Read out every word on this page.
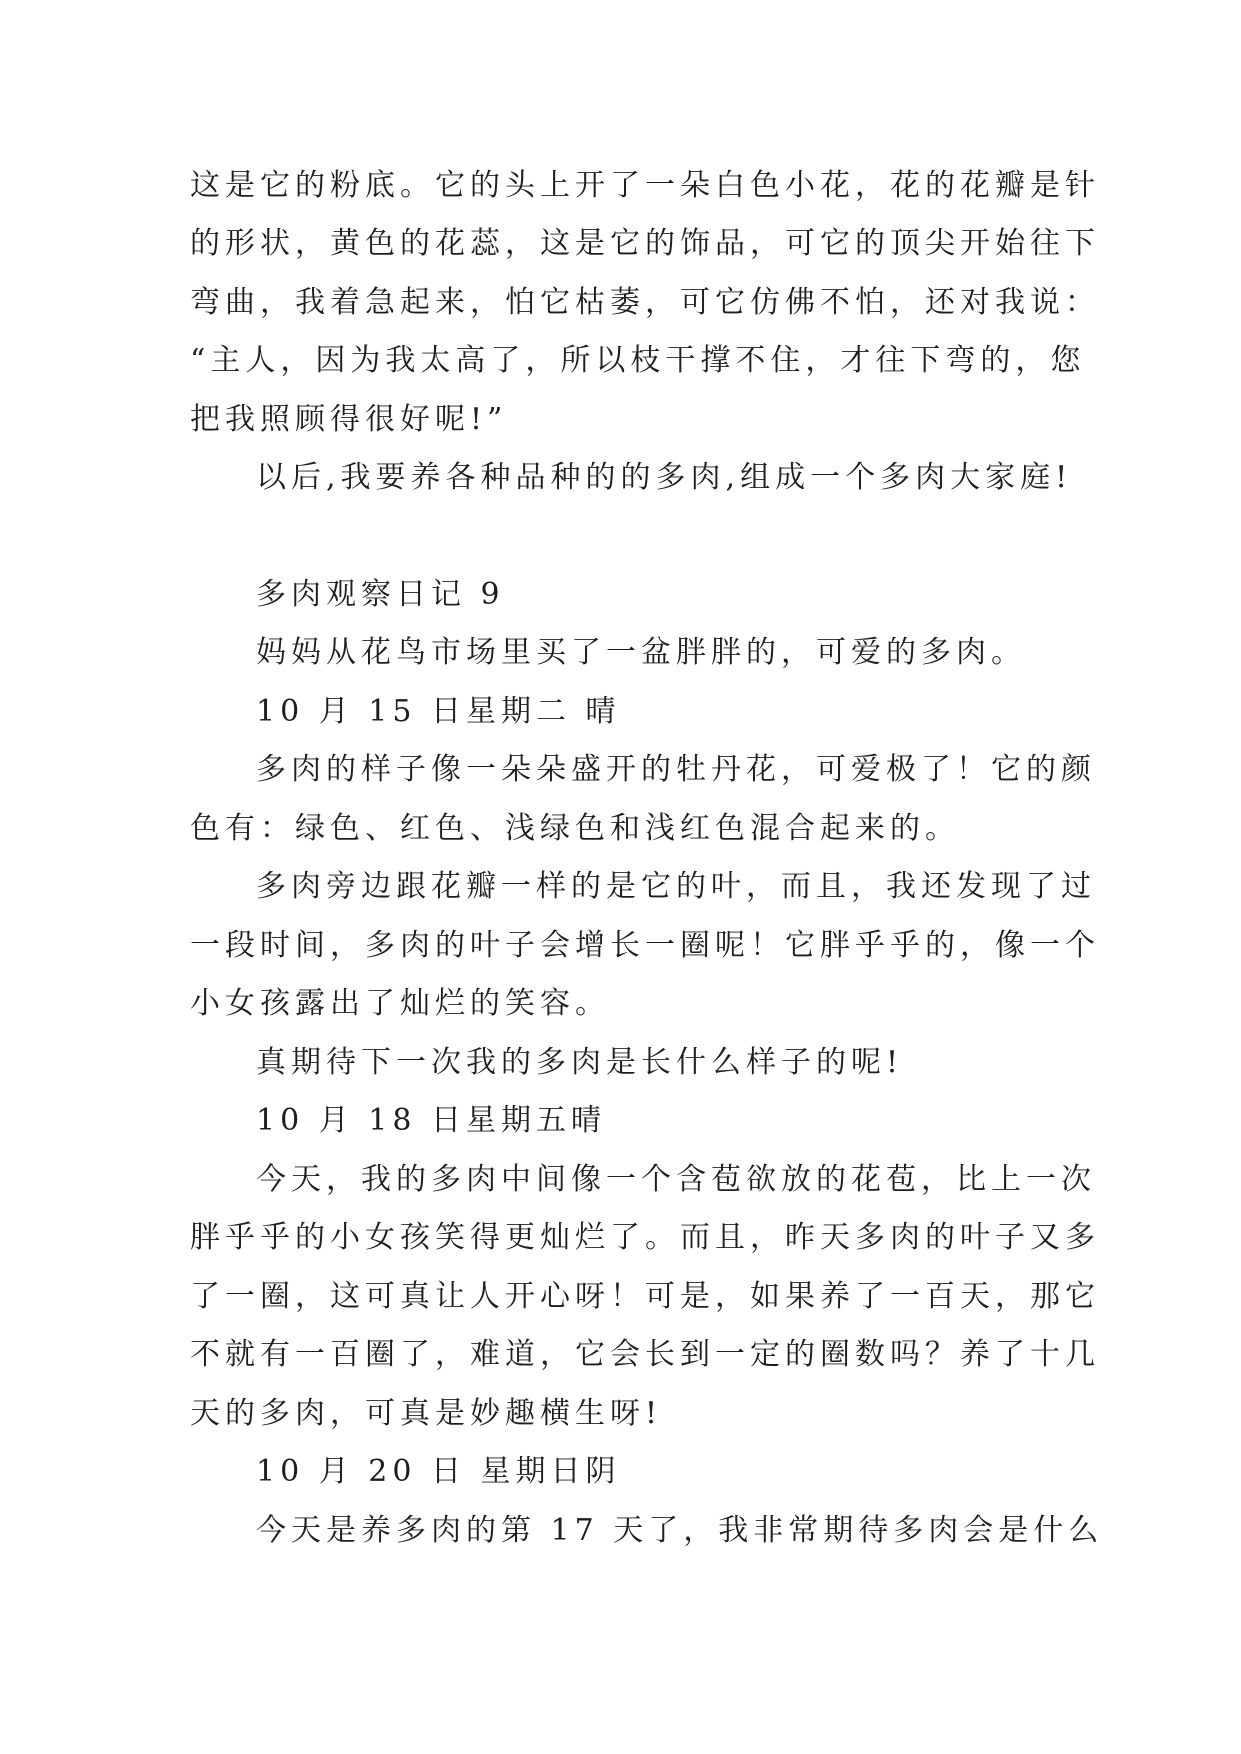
这是它的粉底。它的头上开了一朵白色小花，花的花瓣是针
的形状，黄色的花蕊，这是它的饰品，可它的顶尖开始往下
弯曲，我着急起来，怕它枯萎，可它仿佛不怕，还对我说：
“主人，因为我太高了，所以枝干撑不住，才往下弯的，您
把我照顾得很好呢!”
以后,我要养各种品种的的多肉,组成一个多肉大家庭!
多肉观察日记 9
妈妈从花鸟市场里买了一盆胖胖的，可爱的多肉。
10 月 15 日星期二 晴
多肉的样子像一朵朵盛开的牡丹花，可爱极了！它的颜
色有：绿色、红色、浅绿色和浅红色混合起来的。
多肉旁边跟花瓣一样的是它的叶，而且，我还发现了过
一段时间，多肉的叶子会增长一圈呢！它胖乎乎的，像一个
小女孩露出了灿烂的笑容。
真期待下一次我的多肉是长什么样子的呢!
10 月 18 日星期五晴
今天，我的多肉中间像一个含苞欲放的花苞，比上一次
胖乎乎的小女孩笑得更灿烂了。而且，昨天多肉的叶子又多
了一圈，这可真让人开心呀！可是，如果养了一百天，那它
不就有一百圈了，难道，它会长到一定的圈数吗？养了十几
天的多肉，可真是妙趣横生呀!
10 月 20 日 星期日阴
今天是养多肉的第 17 天了，我非常期待多肉会是什么
